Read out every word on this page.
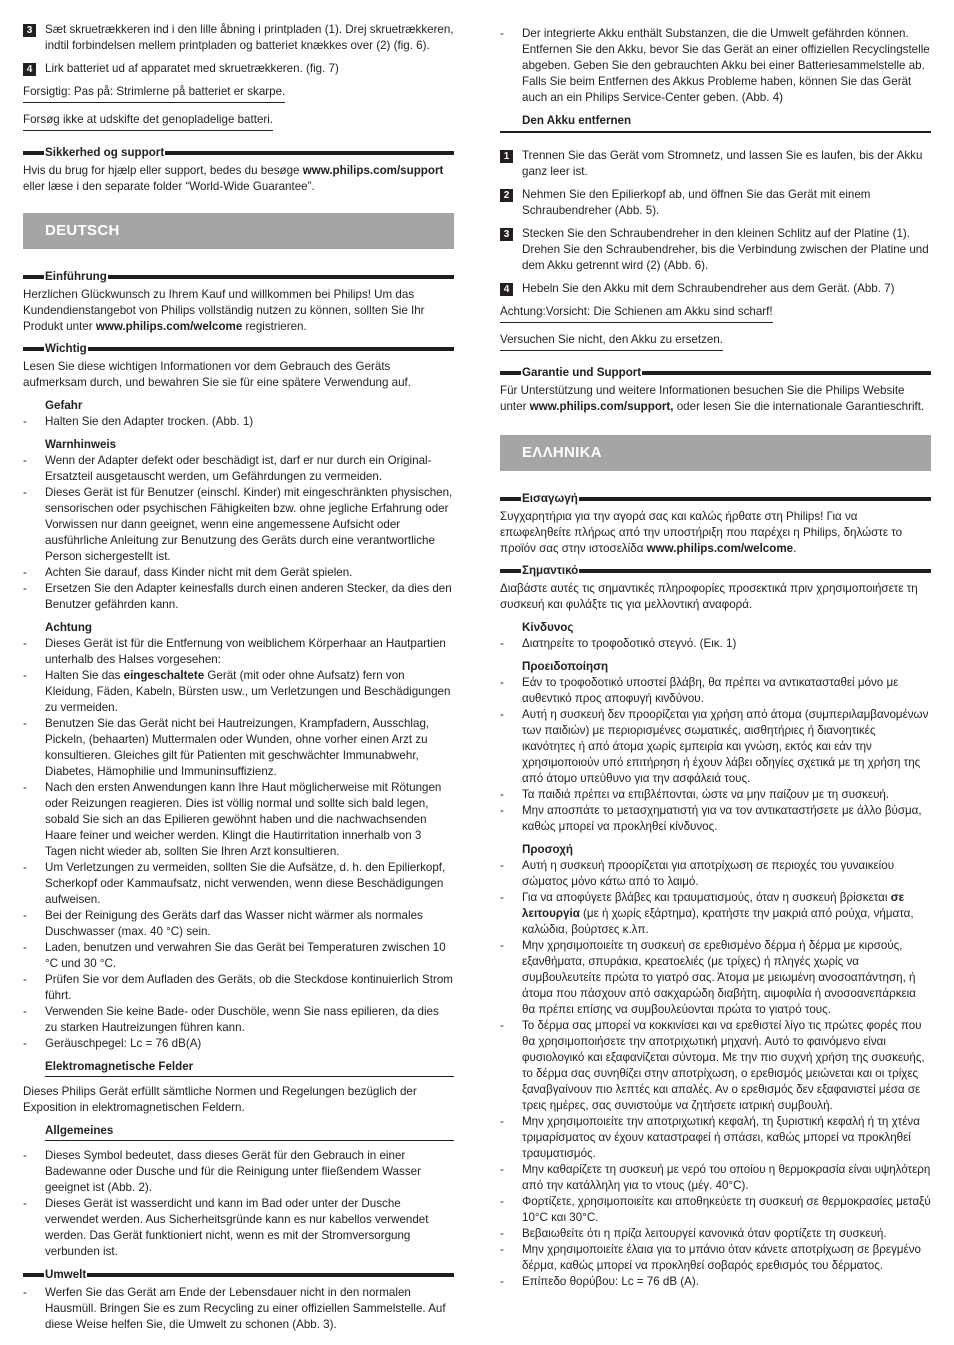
3	Sæt skruetrækkeren ind i den lille åbning i printpladen (1). Drej skruetrækkeren, indtil forbindelsen mellem printpladen og batteriet knækkes over (2) (fig. 6).
4	Lirk batteriet ud af apparatet med skruetrækkeren. (fig. 7)
Forsigtig: Pas på: Strimlerne på batteriet er skarpe.
Forsøg ikke at udskifte det genopladelige batteri.
Sikkerhed og support

Hvis du brug for hjælp eller support, bedes du besøge www.philips.com/support eller læse i den separate folder “World-Wide Guarantee”.

DEUTSCH
Einführung

Herzlichen Glückwunsch zu Ihrem Kauf und willkommen bei Philips! Um das Kundendienstangebot von Philips vollständig nutzen zu können, sollten Sie Ihr Produkt unter www.philips.com/welcome registrieren.

Wichtig

Lesen Sie diese wichtigen Informationen vor dem Gebrauch des Geräts aufmerksam durch, und bewahren Sie sie für eine spätere Verwendung auf.

Gefahr
- Halten Sie den Adapter trocken. (Abb. 1)
Warnhinweis
- Wenn der Adapter defekt oder beschädigt ist, darf er nur durch ein Original-Ersatzteil ausgetauscht werden, um Gefährdungen zu vermeiden.
- Dieses Gerät ist für Benutzer (einschl. Kinder) mit eingeschränkten physischen, sensorischen oder psychischen Fähigkeiten bzw. ohne jegliche Erfahrung oder Vorwissen nur dann geeignet, wenn eine angemessene Aufsicht oder ausführliche Anleitung zur Benutzung des Geräts durch eine verantwortliche Person sichergestellt ist.
- Achten Sie darauf, dass Kinder nicht mit dem Gerät spielen.
- Ersetzen Sie den Adapter keinesfalls durch einen anderen Stecker, da dies den Benutzer gefährden kann.
Achtung
- Dieses Gerät ist für die Entfernung von weiblichem Körperhaar an Hautpartien unterhalb des Halses vorgesehen:
- Halten Sie das eingeschaltete Gerät (mit oder ohne Aufsatz) fern von Kleidung, Fäden, Kabeln, Bürsten usw., um Verletzungen und Beschädigungen zu vermeiden.
- Benutzen Sie das Gerät nicht bei Hautreizungen, Krampfadern, Ausschlag, Pickeln, (behaarten) Muttermalen oder Wunden, ohne vorher einen Arzt zu konsultieren. Gleiches gilt für Patienten mit geschwächter Immunabwehr, Diabetes, Hämophilie und Immuninsuffizienz.
- Nach den ersten Anwendungen kann Ihre Haut möglicherweise mit Rötungen oder Reizungen reagieren. Dies ist völlig normal und sollte sich bald legen, sobald Sie sich an das Epilieren gewöhnt haben und die nachwachsenden Haare feiner und weicher werden. Klingt die Hautirritation innerhalb von 3 Tagen nicht wieder ab, sollten Sie Ihren Arzt konsultieren.
- Um Verletzungen zu vermeiden, sollten Sie die Aufsätze, d. h. den Epilierkopf, Scherkopf oder Kammaufsatz, nicht verwenden, wenn diese Beschädigungen aufweisen.
- Bei der Reinigung des Geräts darf das Wasser nicht wärmer als normales Duschwasser (max. 40 °C) sein.
- Laden, benutzen und verwahren Sie das Gerät bei Temperaturen zwischen 10 °C und 30 °C.
- Prüfen Sie vor dem Aufladen des Geräts, ob die Steckdose kontinuierlich Strom führt.
- Verwenden Sie keine Bade- oder Duschöle, wenn Sie nass epilieren, da dies zu starken Hautreizungen führen kann.
- Geräuschpegel: Lc = 76 dB(A)
Elektromagnetische Felder

Dieses Philips Gerät erfüllt sämtliche Normen und Regelungen bezüglich der Exposition in elektromagnetischen Feldern.

Allgemeines
- Dieses Symbol bedeutet, dass dieses Gerät für den Gebrauch in einer Badewanne oder Dusche und für die Reinigung unter fließendem Wasser geeignet ist (Abb. 2).
- Dieses Gerät ist wasserdicht und kann im Bad oder unter der Dusche verwendet werden. Aus Sicherheitsgründe kann es nur kabellos verwendet werden. Das Gerät funktioniert nicht, wenn es mit der Stromversorgung verbunden ist.
Umwelt
- Werfen Sie das Gerät am Ende der Lebensdauer nicht in den normalen Hausmüll. Bringen Sie es zum Recycling zu einer offiziellen Sammelstelle. Auf diese Weise helfen Sie, die Umwelt zu schonen (Abb. 3).
- Der integrierte Akku enthält Substanzen, die die Umwelt gefährden können. Entfernen Sie den Akku, bevor Sie das Gerät an einer offiziellen Recyclingstelle abgeben. Geben Sie den gebrauchten Akku bei einer Batteriesammelstelle ab. Falls Sie beim Entfernen des Akkus Probleme haben, können Sie das Gerät auch an ein Philips Service-Center geben. (Abb. 4)
Den Akku entfernen
1	Trennen Sie das Gerät vom Stromnetz, und lassen Sie es laufen, bis der Akku ganz leer ist.
2	Nehmen Sie den Epilierkopf ab, und öffnen Sie das Gerät mit einem Schraubendreher (Abb. 5).
3	Stecken Sie den Schraubendreher in den kleinen Schlitz auf der Platine (1). Drehen Sie den Schraubendreher, bis die Verbindung zwischen der Platine und dem Akku getrennt wird (2) (Abb. 6).
4	Hebeln Sie den Akku mit dem Schraubendreher aus dem Gerät. (Abb. 7)
Achtung:Vorsicht: Die Schienen am Akku sind scharf!
Versuchen Sie nicht, den Akku zu ersetzen.
Garantie und Support

Für Unterstützung und weitere Informationen besuchen Sie die Philips Website unter www.philips.com/support, oder lesen Sie die internationale Garantieschrift.

ΕΛΛΗΝΙΚΑ
Εισαγωγή

Συγχαρητήρια για την αγορά σας και καλώς ήρθατε στη Philips! Για να επωφεληθείτε πλήρως από την υποστήριξη που παρέχει η Philips, δηλώστε το προϊόν σας στην ιστοσελίδα www.philips.com/welcome.

Σημαντικό

Διαβάστε αυτές τις σημαντικές πληροφορίες προσεκτικά πριν χρησιμοποιήσετε τη συσκευή και φυλάξτε τις για μελλοντική αναφορά.

Κίνδυνος
- Διατηρείτε το τροφοδοτικό στεγνό. (Εικ. 1)
Προειδοποίηση
- Εάν το τροφοδοτικό υποστεί βλάβη, θα πρέπει να αντικατασταθεί μόνο με αυθεντικό προς αποφυγή κινδύνου.
- Αυτή η συσκευή δεν προορίζεται για χρήση από άτομα (συμπεριλαμβανομένων των παιδιών) με περιορισμένες σωματικές, αισθητήριες ή διανοητικές ικανότητες ή από άτομα χωρίς εμπειρία και γνώση, εκτός και εάν την χρησιμοποιούν υπό επιτήρηση ή έχουν λάβει οδηγίες σχετικά με τη χρήση της από άτομο υπεύθυνο για την ασφάλειά τους.
- Τα παιδιά πρέπει να επιβλέπονται, ώστε να μην παίζουν με τη συσκευή.
- Μην αποσπάτε το μετασχηματιστή για να τον αντικαταστήσετε με άλλο βύσμα, καθώς μπορεί να προκληθεί κίνδυνος.
Προσοχή
- Αυτή η συσκευή προορίζεται για αποτρίχωση σε περιοχές του γυναικείου σώματος μόνο κάτω από το λαιμό.
- Για να αποφύγετε βλάβες και τραυματισμούς, όταν η συσκευή βρίσκεται σε λειτουργία (με ή χωρίς εξάρτημα), κρατήστε την μακριά από ρούχα, νήματα, καλώδια, βούρτσες κ.λπ.
- Μην χρησιμοποιείτε τη συσκευή σε ερεθισμένο δέρμα ή δέρμα με κιρσούς, εξανθήματα, σπυράκια, κρεατοελιές (με τρίχες) ή πληγές χωρίς να συμβουλευτείτε πρώτα το γιατρό σας. Άτομα με μειωμένη ανοσοαπάντηση, ή άτομα που πάσχουν από σακχαρώδη διαβήτη, αιμοφιλία ή ανοσοανεπάρκεια θα πρέπει επίσης να συμβουλεύονται πρώτα το γιατρό τους.
- Το δέρμα σας μπορεί να κοκκινίσει και να ερεθιστεί λίγο τις πρώτες φορές που θα χρησιμοποιήσετε την αποτριχωτική μηχανή. Αυτό το φαινόμενο είναι φυσιολογικό και εξαφανίζεται σύντομα. Με την πιο συχνή χρήση της συσκευής, το δέρμα σας συνηθίζει στην αποτρίχωση, ο ερεθισμός μειώνεται και οι τρίχες ξαναβγαίνουν πιο λεπτές και απαλές. Αν ο ερεθισμός δεν εξαφανιστεί μέσα σε τρεις ημέρες, σας συνιστούμε να ζητήσετε ιατρική συμβουλή.
- Μην χρησιμοποιείτε την αποτριχωτική κεφαλή, τη ξυριστική κεφαλή ή τη χτένα τριμαρίσματος αν έχουν καταστραφεί ή σπάσει, καθώς μπορεί να προκληθεί τραυματισμός.
- Μην καθαρίζετε τη συσκευή με νερό του οποίου η θερμοκρασία είναι υψηλότερη από την κατάλληλη για το ντους (μέγ. 40°C).
- Φορτίζετε, χρησιμοποιείτε και αποθηκεύετε τη συσκευή σε θερμοκρασίες μεταξύ 10°C και 30°C.
- Βεβαιωθείτε ότι η πρίζα λειτουργεί κανονικά όταν φορτίζετε τη συσκευή.
- Μην χρησιμοποιείτε έλαια για το μπάνιο όταν κάνετε αποτρίχωση σε βρεγμένο δέρμα, καθώς μπορεί να προκληθεί σοβαρός ερεθισμός του δέρματος.
- Επίπεδο θορύβου: Lc = 76 dB (A).
